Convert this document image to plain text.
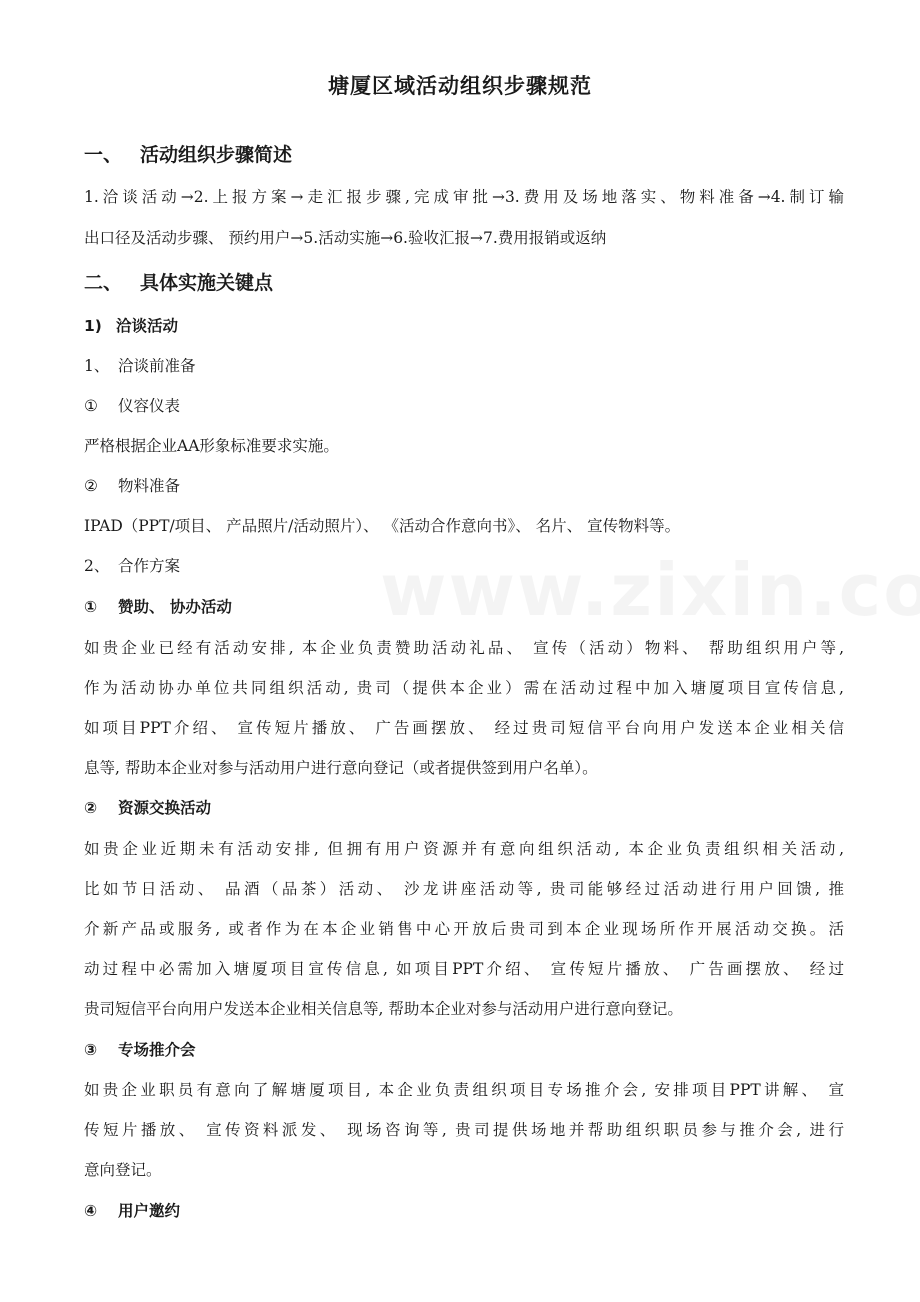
塘厦区域活动组织步骤规范
一、 活动组织步骤简述
1.洽谈活动→2.上报方案→走汇报步骤,完成审批→3.费用及场地落实、物料准备→4.制订输
出口径及活动步骤、 预约用户→5.活动实施→6.验收汇报→7.费用报销或返纳
二、 具体实施关键点
1) 洽谈活动
1、 洽谈前准备
① 仪容仪表
严格根据企业AA形象标准要求实施。
② 物料准备
IPAD（PPT/项目、 产品照片/活动照片）、 《活动合作意向书》、 名片、 宣传物料等。
2、 合作方案
① 赞助、 协办活动
如贵企业已经有活动安排, 本企业负责赞助活动礼品、 宣传（活动）物料、 帮助组织用户等,
作为活动协办单位共同组织活动, 贵司（提供本企业）需在活动过程中加入塘厦项目宣传信息,
如项目PPT介绍、 宣传短片播放、 广告画摆放、 经过贵司短信平台向用户发送本企业相关信
息等, 帮助本企业对参与活动用户进行意向登记（或者提供签到用户名单）。
② 资源交换活动
如贵企业近期未有活动安排, 但拥有用户资源并有意向组织活动, 本企业负责组织相关活动,
比如节日活动、 品酒（品茶）活动、 沙龙讲座活动等, 贵司能够经过活动进行用户回馈, 推
介新产品或服务, 或者作为在本企业销售中心开放后贵司到本企业现场所作开展活动交换。活
动过程中必需加入塘厦项目宣传信息, 如项目PPT介绍、 宣传短片播放、 广告画摆放、 经过
贵司短信平台向用户发送本企业相关信息等, 帮助本企业对参与活动用户进行意向登记。
③ 专场推介会
如贵企业职员有意向了解塘厦项目, 本企业负责组织项目专场推介会, 安排项目PPT讲解、 宣
传短片播放、 宣传资料派发、 现场咨询等, 贵司提供场地并帮助组织职员参与推介会, 进行
意向登记。
④ 用户邀约
